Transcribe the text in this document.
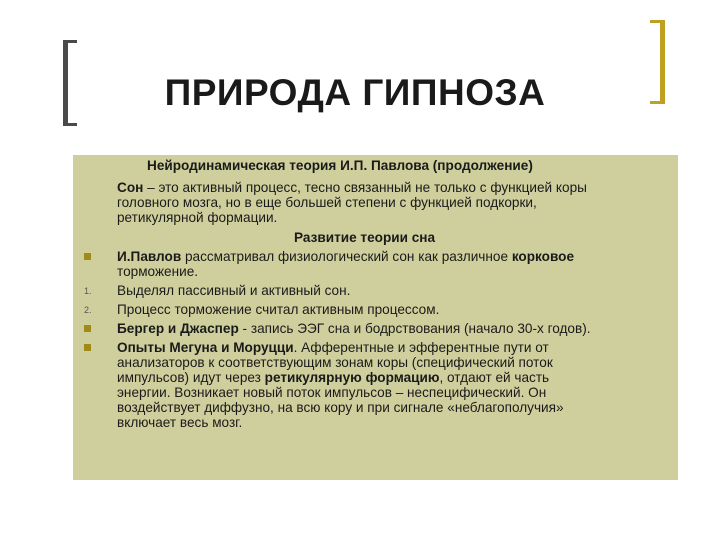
ПРИРОДА ГИПНОЗА
Нейродинамическая теория И.П. Павлова (продолжение)
Сон – это активный процесс, тесно связанный не только с функцией коры
головного мозга, но в еще большей степени с функцией подкорки,
ретикулярной формации.
Развитие теории сна
И.Павлов рассматривал физиологический сон как различное корковое
торможение.
1. Выделял пассивный и активный сон.
2. Процесс торможение считал активным процессом.
Бергер и Джаспер - запись ЭЭГ сна и бодрствования (начало 30-х годов).
Опыты Мегуна и Моруцци. Афферентные и эфферентные пути от
анализаторов к соответствующим зонам коры (специфический поток
импульсов) идут через ретикулярную формацию, отдают ей часть
энергии. Возникает новый поток импульсов – неспецифический. Он
воздействует диффузно, на всю кору и при сигнале «неблагополучия»
включает весь мозг.
